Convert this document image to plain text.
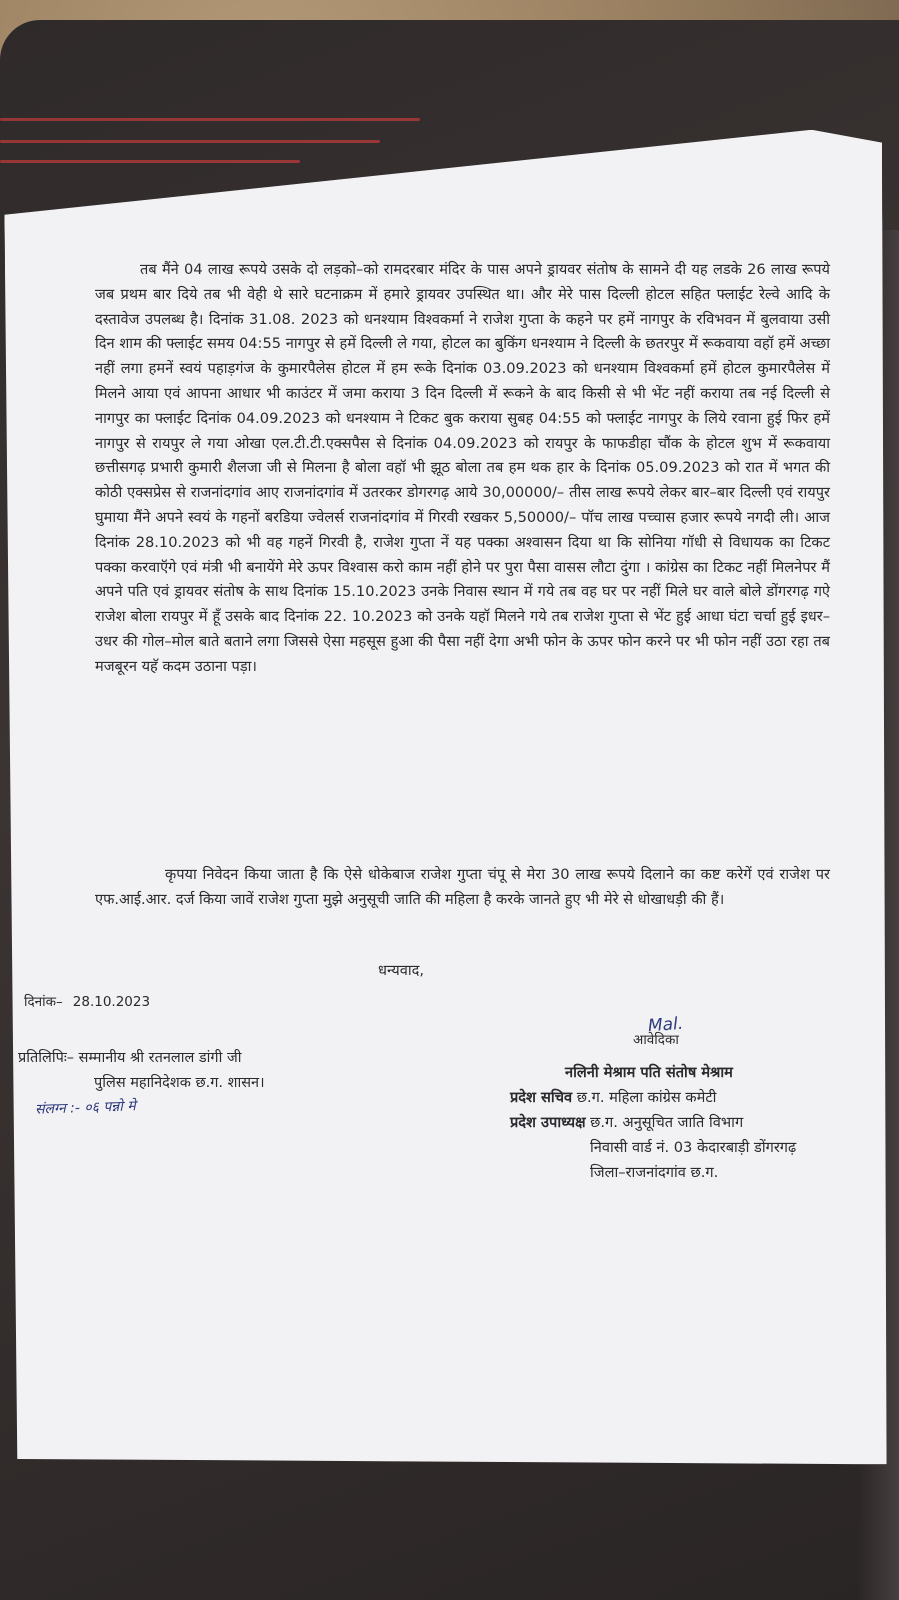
तब मैंने 04 लाख रूपये उसके दो लड़को–को रामदरबार मंदिर के पास अपने ड्रायवर संतोष के सामने दी यह लडके 26 लाख रूपये जब प्रथम बार दिये तब भी वेही थे सारे घटनाक्रम में हमारे ड्रायवर उपस्थित था। और मेरे पास दिल्ली होटल सहित फ्लाईट रेल्वे आदि के दस्तावेज उपलब्ध है। दिनांक 31.08. 2023 को धनश्याम विश्वकर्मा ने राजेश गुप्ता के कहने पर हमें नागपुर के रविभवन में बुलवाया उसी दिन शाम की फ्लाईट समय 04:55 नागपुर से हमें दिल्ली ले गया, होटल का बुकिंग धनश्याम ने दिल्ली के छतरपुर में रूकवाया वहॉ हमें अच्छा नहीं लगा हमनें स्वयं पहाड़गंज के कुमारपैलेस होटल में हम रूके दिनांक 03.09.2023 को धनश्याम विश्वकर्मा हमें होटल कुमारपैलेस में मिलने आया एवं आपना आधार भी काउंटर में जमा कराया 3 दिन दिल्ली में रूकने के बाद किसी से भी भेंट नहीं कराया तब नई दिल्ली से नागपुर का फ्लाईट दिनांक 04.09.2023 को धनश्याम ने टिकट बुक कराया सुबह 04:55 को फ्लाईट नागपुर के लिये रवाना हुई फिर हमें नागपुर से रायपुर ले गया ओखा एल.टी.टी.एक्सपैस से दिनांक 04.09.2023 को रायपुर के फाफडीहा चौंक के होटल शुभ में रूकवाया छत्तीसगढ़ प्रभारी कुमारी शैलजा जी से मिलना है बोला वहॉ भी झूठ बोला तब हम थक हार के दिनांक 05.09.2023 को रात में भगत की कोठी एक्सप्रेस से राजनांदगांव आए राजनांदगांव में उतरकर डोगरगढ़ आये 30,00000/– तीस लाख रूपये लेकर बार–बार दिल्ली एवं रायपुर घुमाया मैंने अपने स्वयं के गहनों बरडिया ज्वेलर्स राजनांदगांव में गिरवी रखकर 5,50000/– पॉच लाख पच्चास हजार रूपये नगदी ली। आज दिनांक 28.10.2023 को भी वह गहनें गिरवी है, राजेश गुप्ता नें यह पक्का अश्वासन दिया था कि सोनिया गॉधी से विधायक का टिकट पक्का करवाऍगे एवं मंत्री भी बनायेंगे मेरे ऊपर विश्वास करो काम नहीं होने पर पुरा पैसा वासस लौटा दुंगा । कांग्रेस का टिकट नहीं मिलनेपर मैं अपने पति एवं ड्रायवर संतोष के साथ दिनांक 15.10.2023 उनके निवास स्थान में गये तब वह घर पर नहीं मिले घर वाले बोले डोंगरगढ़ गऐ राजेश बोला रायपुर में हूँ उसके बाद दिनांक 22. 10.2023 को उनके यहॉ मिलने गये तब राजेश गुप्ता से भेंट हुई आधा घंटा चर्चा हुई इधर–उधर की गोल–मोल बाते बताने लगा जिससे ऐसा महसूस हुआ की पैसा नहीं देगा अभी फोन के ऊपर फोन करने पर भी फोन नहीं उठा रहा तब मजबूरन यहॅ कदम उठाना पड़ा।
कृपया निवेदन किया जाता है कि ऐसे धोकेबाज राजेश गुप्ता चंपू से मेरा 30 लाख रूपये दिलाने का कष्ट करेगें एवं राजेश पर एफ.आई.आर. दर्ज किया जावें राजेश गुप्ता मुझे अनुसूची जाति की महिला है करके जानते हुए भी मेरे से धोखाधड़ी की हैं।
धन्यवाद,
दिनांक– 28.10.2023
प्रतिलिपिः– सम्मानीय श्री रतनलाल डांगी जी
पुलिस महानिदेशक छ.ग. शासन।
संलग्न :- ०६ पन्नो मे
Mal.
आवेदिका
नलिनी मेश्राम पति संतोष मेश्राम
प्रदेश सचिव छ.ग. महिला कांग्रेस कमेटी
प्रदेश उपाध्यक्ष छ.ग. अनुसूचित जाति विभाग
निवासी वार्ड नं. 03 केदारबाड़ी डोंगरगढ़
जिला–राजनांदगांव छ.ग.
